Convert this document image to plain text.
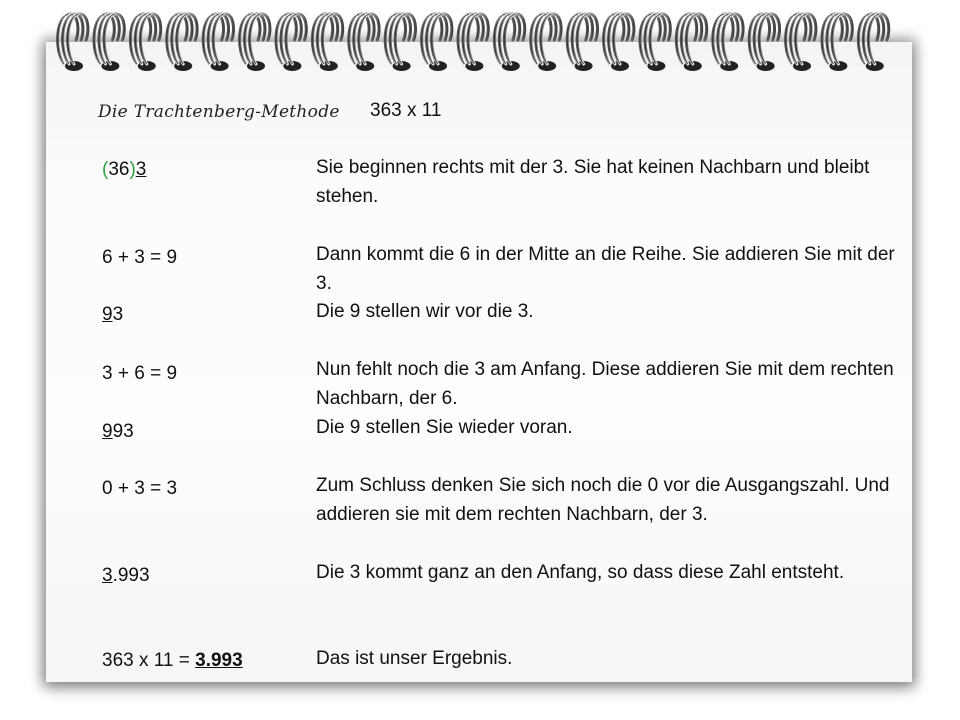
Die Trachtenberg-Methode 363 x 11
(36)3
6 + 3 = 9
93
3 + 6 = 9
993
0 + 3 = 3
3.993
363 x 11 = 3.993
Sie beginnen rechts mit der 3. Sie hat keinen Nachbarn und bleibt stehen.
Dann kommt die 6 in der Mitte an die Reihe. Sie addieren Sie mit der 3.
Die 9 stellen wir vor die 3.
Nun fehlt noch die 3 am Anfang. Diese addieren Sie mit dem rechten Nachbarn, der 6.
Die 9 stellen Sie wieder voran.
Zum Schluss denken Sie sich noch die 0 vor die Ausgangszahl. Und addieren sie mit dem rechten Nachbarn, der 3.
Die 3 kommt ganz an den Anfang, so dass diese Zahl entsteht.
Das ist unser Ergebnis.
